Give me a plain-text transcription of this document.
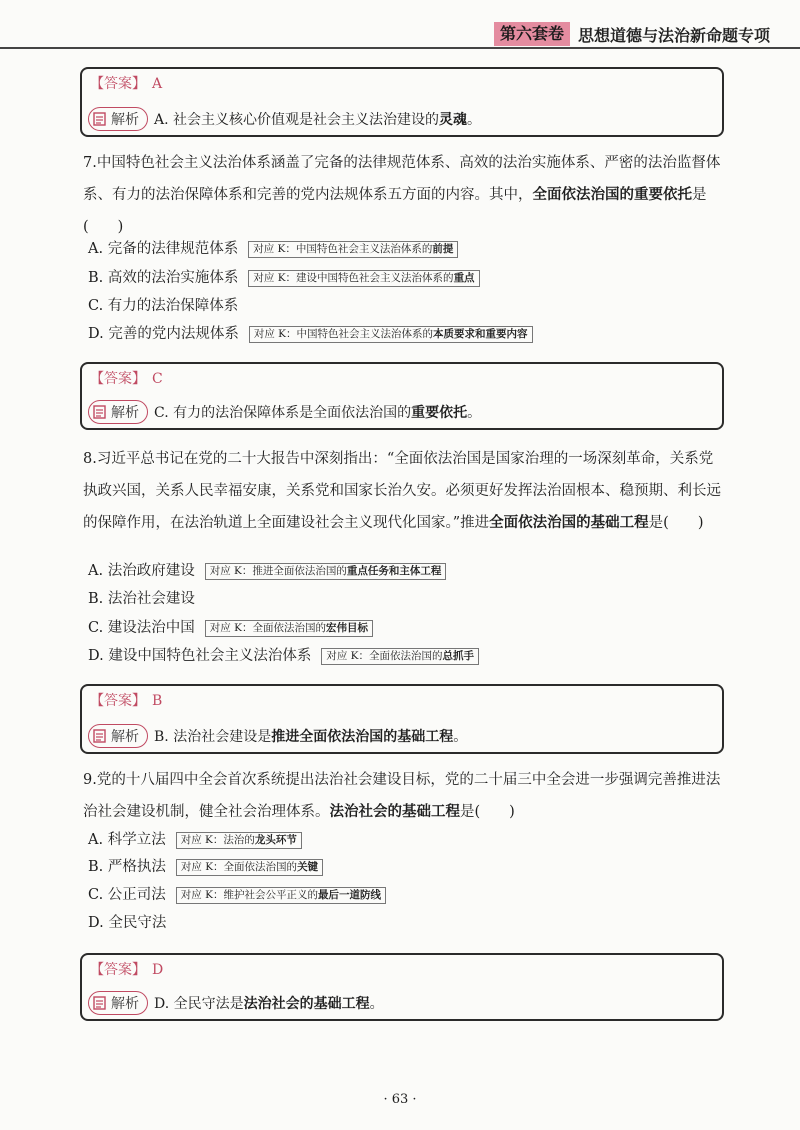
第六套卷 思想道德与法治新命题专项
【答案】 A
解析 A. 社会主义核心价值观是社会主义法治建设的 灵魂 。
7.中国特色社会主义法治体系涵盖了完备的法律规范体系、高效的法治实施体系、严密的法治监督体系、有力的法治保障体系和完善的党内法规体系五方面的内容。其中，全面依法治国的重要依托是(　　)
A. 完备的法律规范体系	对应 K：中国特色社会主义法治体系的前提
B. 高效的法治实施体系	对应 K：建设中国特色社会主义法治体系的重点
C. 有力的法治保障体系
D. 完善的党内法规体系	对应 K：中国特色社会主义法治体系的本质要求和重要内容
【答案】 C
解析 C. 有力的法治保障体系是全面依法治国的 重要依托 。
8.习近平总书记在党的二十大报告中深刻指出：“全面依法治国是国家治理的一场深刻革命，关系党执政兴国，关系人民幸福安康，关系党和国家长治久安。必须更好发挥法治固根本、稳预期、利长远的保障作用，在法治轨道上全面建设社会主义现代化国家。”推进全面依法治国的基础工程是(　　)
A. 法治政府建设	对应 K：推进全面依法治国的重点任务和主体工程
B. 法治社会建设
C. 建设法治中国	对应 K：全面依法治国的宏伟目标
D. 建设中国特色社会主义法治体系	对应 K：全面依法治国的总抓手
【答案】 B
解析 B. 法治社会建设是 推进全面依法治国的基础工程 。
9.党的十八届四中全会首次系统提出法治社会建设目标，党的二十届三中全会进一步强调完善推进法治社会建设机制，健全社会治理体系。法治社会的基础工程是(　　)
A. 科学立法	对应 K：法治的龙头环节
B. 严格执法	对应 K：全面依法治国的关键
C. 公正司法	对应 K：维护社会公平正义的最后一道防线
D. 全民守法
【答案】 D
解析 D. 全民守法是 法治社会的基础工程 。
· 63 ·
